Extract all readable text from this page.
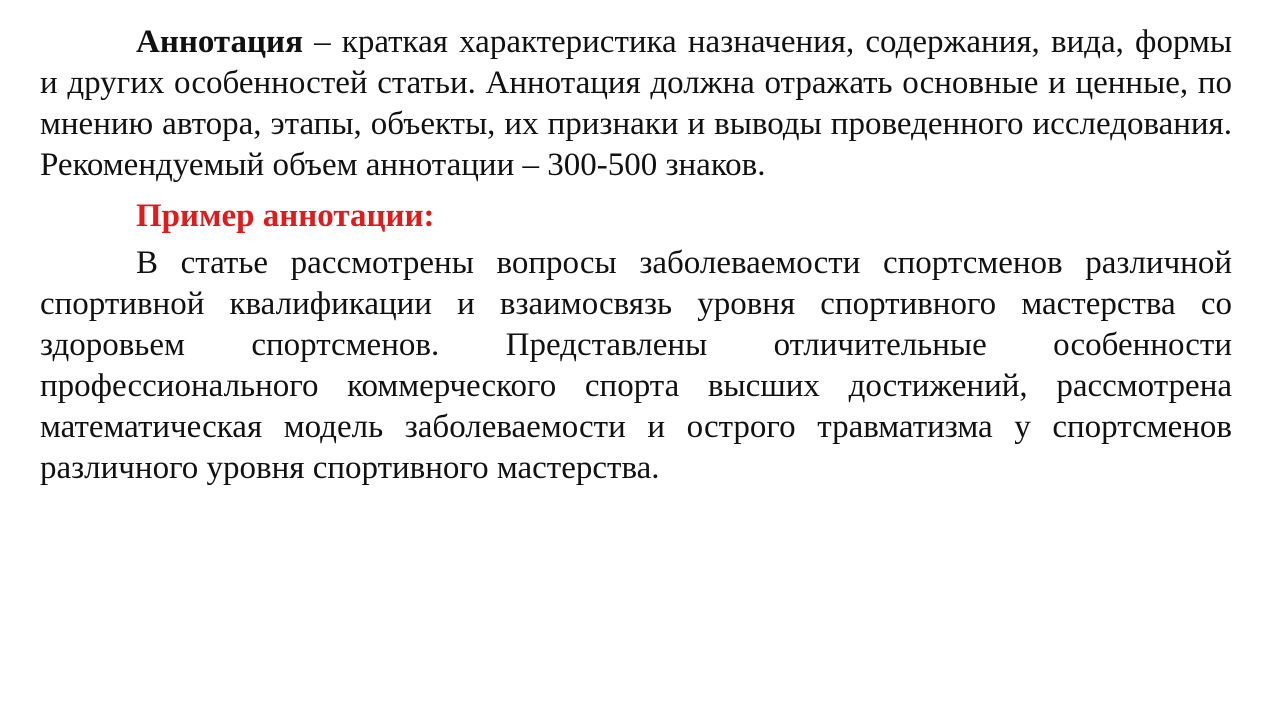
Аннотация – краткая характеристика назначения, содержания, вида, формы и других особенностей статьи. Аннотация должна отражать основные и ценные, по мнению автора, этапы, объекты, их признаки и выводы проведенного исследования. Рекомендуемый объем аннотации – 300-500 знаков.

Пример аннотации:

В статье рассмотрены вопросы заболеваемости спортсменов различной спортивной квалификации и взаимосвязь уровня спортивного мастерства со здоровьем спортсменов. Представлены отличительные особенности профессионального коммерческого спорта высших достижений, рассмотрена математическая модель заболеваемости и острого травматизма у спортсменов различного уровня спортивного мастерства.
